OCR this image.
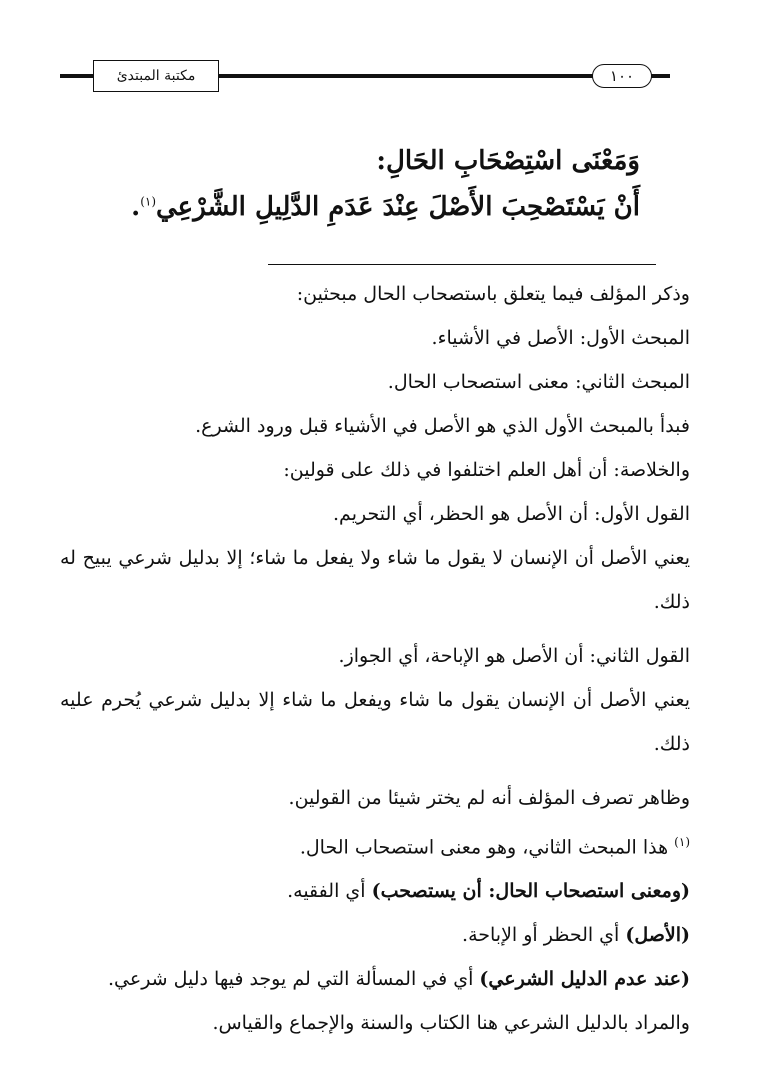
مكتبة المبتدئ	١٠٠
وَمَعْنَى اسْتِصْحَابِ الحَالِ:
أَنْ يَسْتَصْحِبَ الأَصْلَ عِنْدَ عَدَمِ الدَّلِيلِ الشَّرْعِي$^{(١)}$.

وذكر المؤلف فيما يتعلق باستصحاب الحال مبحثين:

المبحث الأول: الأصل في الأشياء.

المبحث الثاني: معنى استصحاب الحال.

فبدأ بالمبحث الأول الذي هو الأصل في الأشياء قبل ورود الشرع.

والخلاصة: أن أهل العلم اختلفوا في ذلك على قولين:

القول الأول: أن الأصل هو الحظر، أي التحريم.

يعني الأصل أن الإنسان لا يقول ما شاء ولا يفعل ما شاء؛ إلا بدليل شرعي يبيح له ذلك.

القول الثاني: أن الأصل هو الإباحة، أي الجواز.

يعني الأصل أن الإنسان يقول ما شاء ويفعل ما شاء إلا بدليل شرعي يُحرم عليه ذلك.

وظاهر تصرف المؤلف أنه لم يختر شيئا من القولين.

$^{(١)}$ هذا المبحث الثاني، وهو معنى استصحاب الحال.

(ومعنى استصحاب الحال: أن يستصحب) أي الفقيه.

(الأصل) أي الحظر أو الإباحة.

(عند عدم الدليل الشرعي) أي في المسألة التي لم يوجد فيها دليل شرعي.

والمراد بالدليل الشرعي هنا الكتاب والسنة والإجماع والقياس.
